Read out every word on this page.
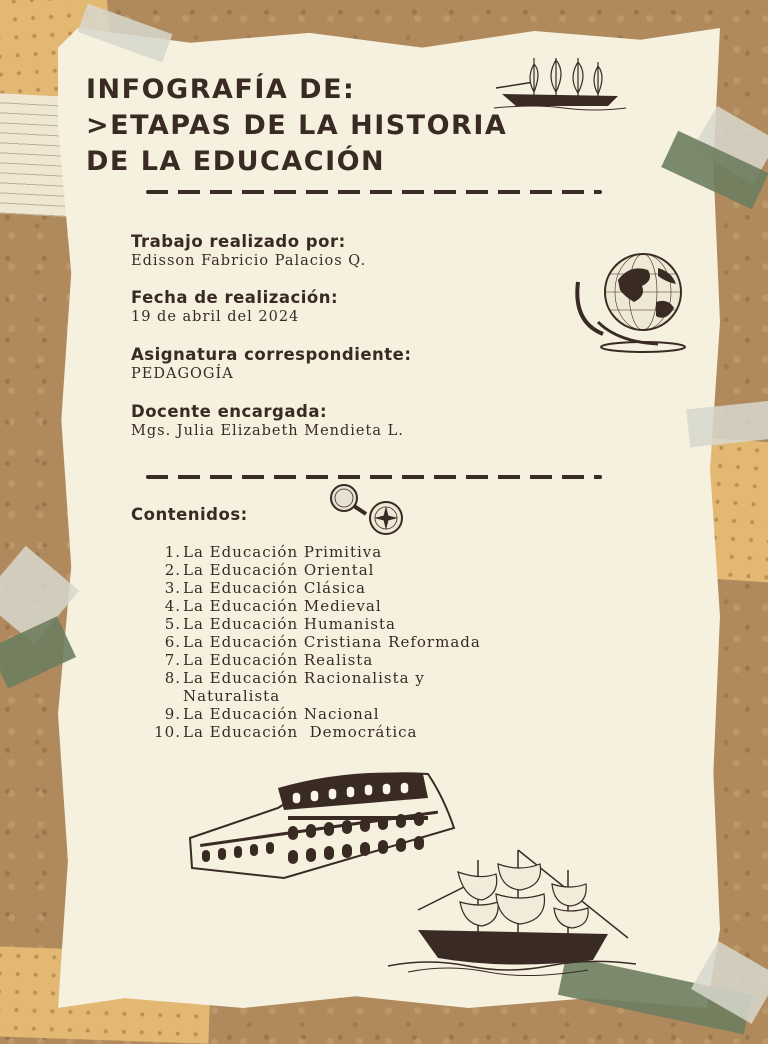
INFOGRAFÍA DE:
>ETAPAS DE LA HISTORIA
DE LA EDUCACIÓN
Trabajo realizado por:
Edisson Fabricio Palacios Q.
Fecha de realización:
19 de abril del 2024
Asignatura correspondiente:
PEDAGOGÍA
Docente encargada:
Mgs. Julia Elizabeth Mendieta L.
Contenidos:
1. La Educación Primitiva
2. La Educación Oriental
3. La Educación Clásica
4. La Educación Medieval
5. La Educación Humanista
6. La Educación Cristiana Reformada
7. La Educación Realista
8. La Educación Racionalista y
Naturalista
9. La Educación Nacional
10. La Educación  Democrática
